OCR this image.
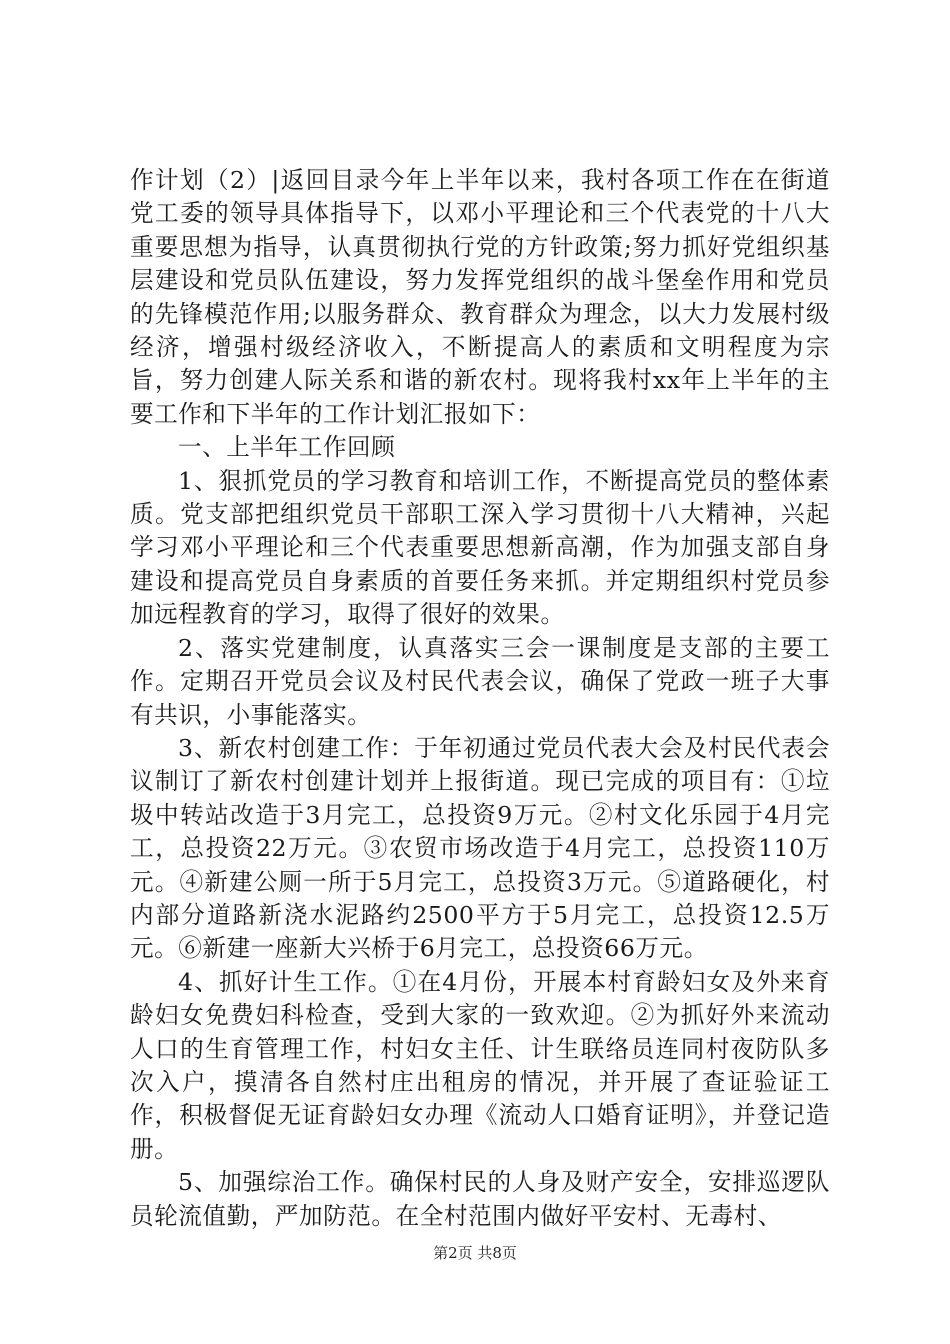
作计划（2）|返回目录今年上半年以来，我村各项工作在在街道党工委的领导具体指导下，以邓小平理论和三个代表党的十八大重要思想为指导，认真贯彻执行党的方针政策;努力抓好党组织基层建设和党员队伍建设，努力发挥党组织的战斗堡垒作用和党员的先锋模范作用;以服务群众、教育群众为理念，以大力发展村级经济，增强村级经济收入，不断提高人的素质和文明程度为宗旨，努力创建人际关系和谐的新农村。现将我村xx年上半年的主要工作和下半年的工作计划汇报如下：

一、上半年工作回顾

1、狠抓党员的学习教育和培训工作，不断提高党员的整体素质。党支部把组织党员干部职工深入学习贯彻十八大精神，兴起学习邓小平理论和三个代表重要思想新高潮，作为加强支部自身建设和提高党员自身素质的首要任务来抓。并定期组织村党员参加远程教育的学习，取得了很好的效果。

2、落实党建制度，认真落实三会一课制度是支部的主要工作。定期召开党员会议及村民代表会议，确保了党政一班子大事有共识，小事能落实。

3、新农村创建工作：于年初通过党员代表大会及村民代表会议制订了新农村创建计划并上报街道。现已完成的项目有：①垃圾中转站改造于3月完工，总投资9万元。②村文化乐园于4月完工，总投资22万元。③农贸市场改造于4月完工，总投资110万元。④新建公厕一所于5月完工，总投资3万元。⑤道路硬化，村内部分道路新浇水泥路约2500平方于5月完工，总投资12.5万元。⑥新建一座新大兴桥于6月完工，总投资66万元。

4、抓好计生工作。①在4月份，开展本村育龄妇女及外来育龄妇女免费妇科检查，受到大家的一致欢迎。②为抓好外来流动人口的生育管理工作，村妇女主任、计生联络员连同村夜防队多次入户，摸清各自然村庄出租房的情况，并开展了查证验证工作，积极督促无证育龄妇女办理《流动人口婚育证明》，并登记造册。

5、加强综治工作。确保村民的人身及财产安全，安排巡逻队员轮流值勤，严加防范。在全村范围内做好平安村、无毒村、

第2页 共8页
